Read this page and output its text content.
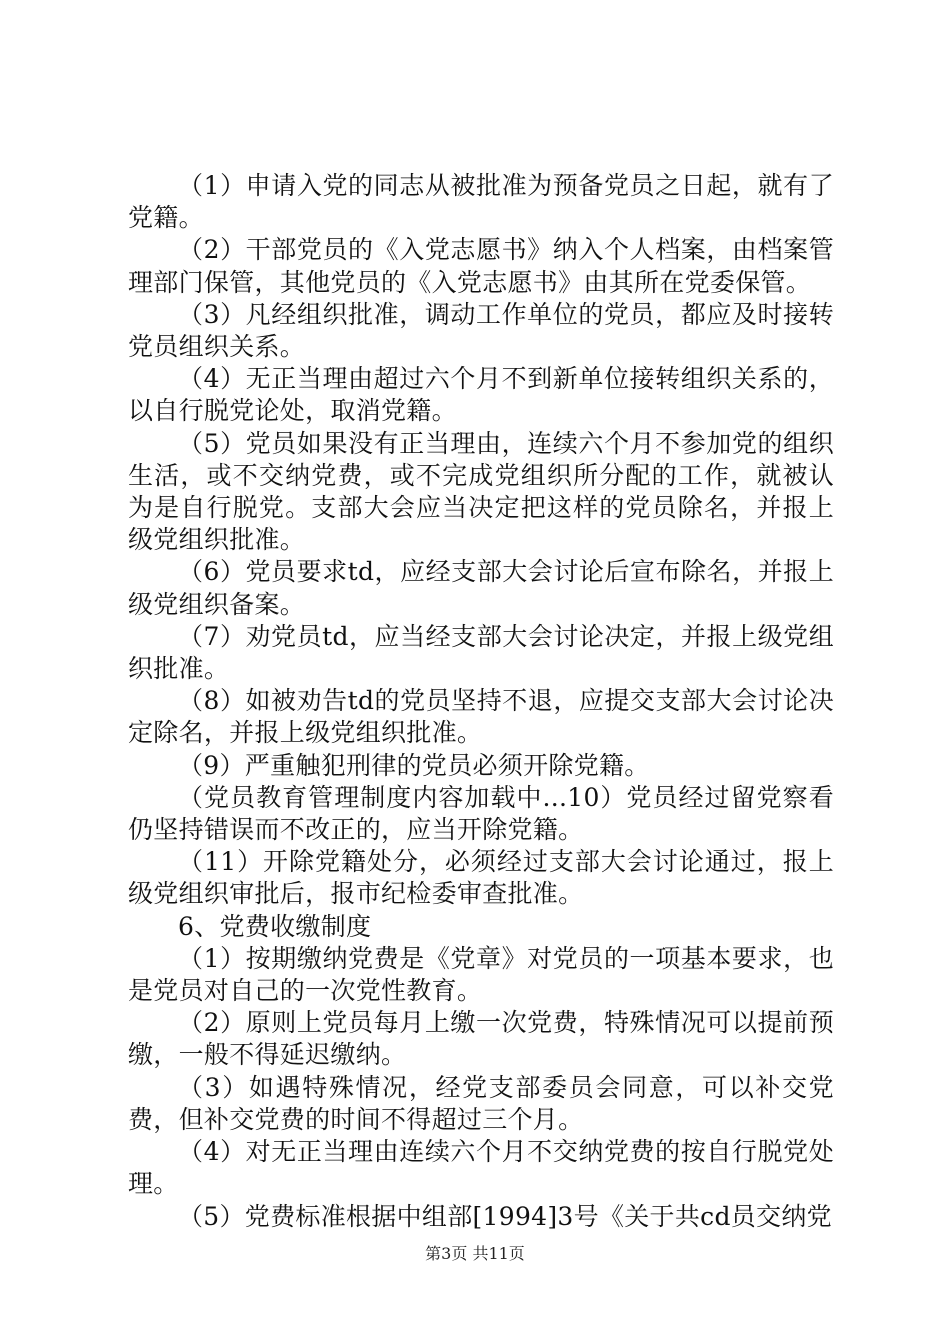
（1）申请入党的同志从被批准为预备党员之日起，就有了党籍。

（2）干部党员的《入党志愿书》纳入个人档案，由档案管理部门保管，其他党员的《入党志愿书》由其所在党委保管。

（3）凡经组织批准，调动工作单位的党员，都应及时接转党员组织关系。

（4）无正当理由超过六个月不到新单位接转组织关系的，以自行脱党论处，取消党籍。

（5）党员如果没有正当理由，连续六个月不参加党的组织生活，或不交纳党费，或不完成党组织所分配的工作，就被认为是自行脱党。支部大会应当决定把这样的党员除名，并报上级党组织批准。

（6）党员要求td，应经支部大会讨论后宣布除名，并报上级党组织备案。

（7）劝党员td，应当经支部大会讨论决定，并报上级党组织批准。

（8）如被劝告td的党员坚持不退，应提交支部大会讨论决定除名，并报上级党组织批准。

（9）严重触犯刑律的党员必须开除党籍。

（党员教育管理制度内容加载中...10）党员经过留党察看仍坚持错误而不改正的，应当开除党籍。

（11）开除党籍处分，必须经过支部大会讨论通过，报上级党组织审批后，报市纪检委审查批准。

6、党费收缴制度

（1）按期缴纳党费是《党章》对党员的一项基本要求，也是党员对自己的一次党性教育。

（2）原则上党员每月上缴一次党费，特殊情况可以提前预缴，一般不得延迟缴纳。

（3）如遇特殊情况，经党支部委员会同意，可以补交党费，但补交党费的时间不得超过三个月。

（4）对无正当理由连续六个月不交纳党费的按自行脱党处理。

（5）党费标准根据中组部[1994]3号《关于共cd员交纳党

第3页 共11页
